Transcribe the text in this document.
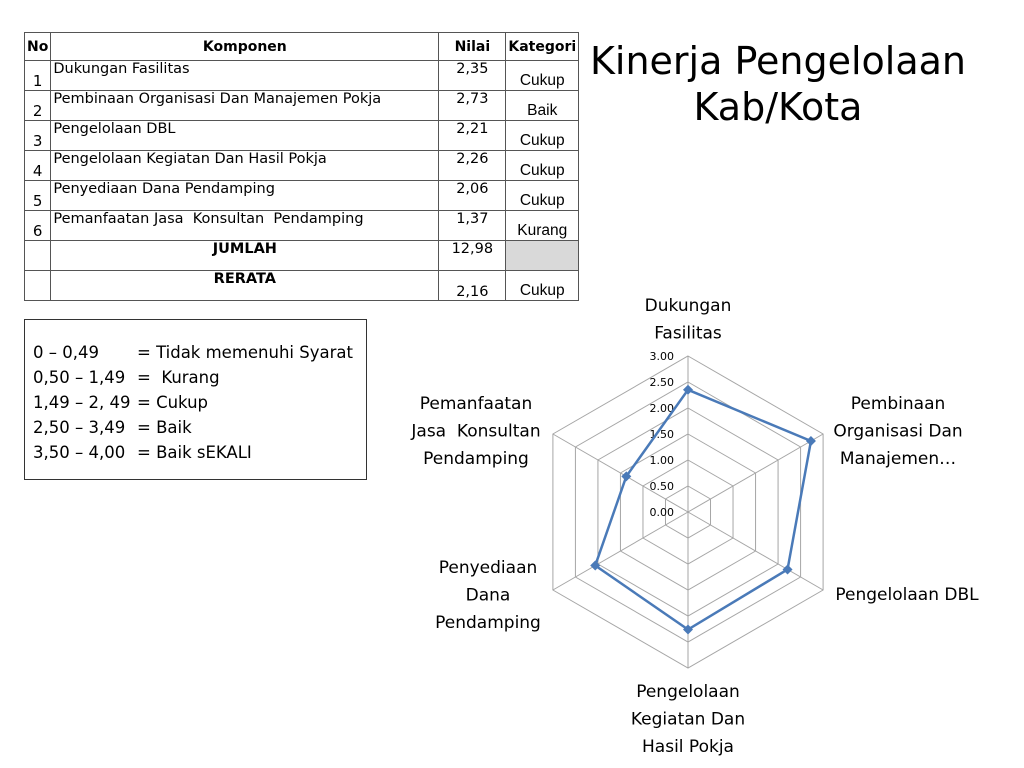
No	Komponen	Nilai	Kategori
1	Dukungan Fasilitas	2,35	Cukup
2	Pembinaan Organisasi Dan Manajemen Pokja	2,73	Baik
3	Pengelolaan DBL	2,21	Cukup
4	Pengelolaan Kegiatan Dan Hasil Pokja	2,26	Cukup
5	Penyediaan Dana Pendamping	2,06	Cukup
6	Pemanfaatan Jasa  Konsultan  Pendamping	1,37	Kurang
	JUMLAH	12,98	
	RERATA	2,16	Cukup
Kinerja Pengelolaan Kab/Kota
0 – 0,49	= Tidak memenuhi Syarat
0,50 – 1,49 =  Kurang
1,49 – 2, 49 = Cukup
2,50 – 3,49 = Baik
3,50 – 4,00 = Baik sEKALI
0.00
0.50
1.00
1.50
2.00
2.50
3.00
Dukungan Fasilitas
Pembinaan Organisasi Dan Manajemen…
Pengelolaan DBL
Pengelolaan Kegiatan Dan Hasil Pokja
Penyediaan Dana Pendamping
Pemanfaatan Jasa  Konsultan Pendamping
